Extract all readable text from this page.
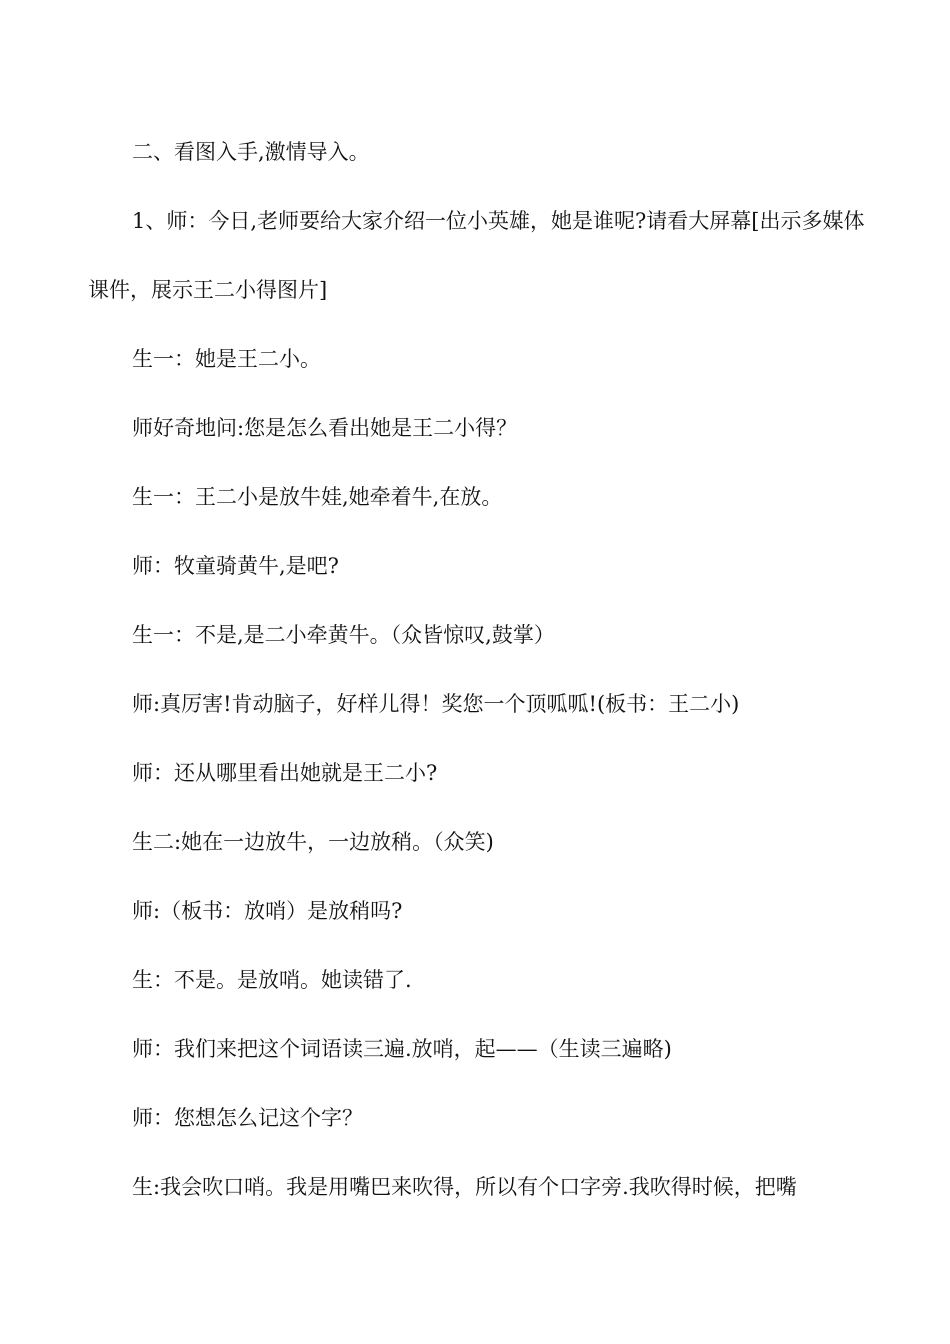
二、看图入手,激情导入。

1、师：今日,老师要给大家介绍一位小英雄，她是谁呢?请看大屏幕[出示多媒体课件，展示王二小得图片]

生一：她是王二小。

师好奇地问:您是怎么看出她是王二小得？

生一：王二小是放牛娃,她牵着牛,在放。

师：牧童骑黄牛,是吧?

生一：不是,是二小牵黄牛。（众皆惊叹,鼓掌）

师:真厉害!肯动脑子，好样儿得！奖您一个顶呱呱!(板书：王二小)

师：还从哪里看出她就是王二小?

生二:她在一边放牛，一边放稍。（众笑)

师:（板书：放哨）是放稍吗?

生：不是。是放哨。她读错了.

师：我们来把这个词语读三遍.放哨，起——（生读三遍略)

师：您想怎么记这个字？

生:我会吹口哨。我是用嘴巴来吹得，所以有个口字旁.我吹得时候，把嘴
